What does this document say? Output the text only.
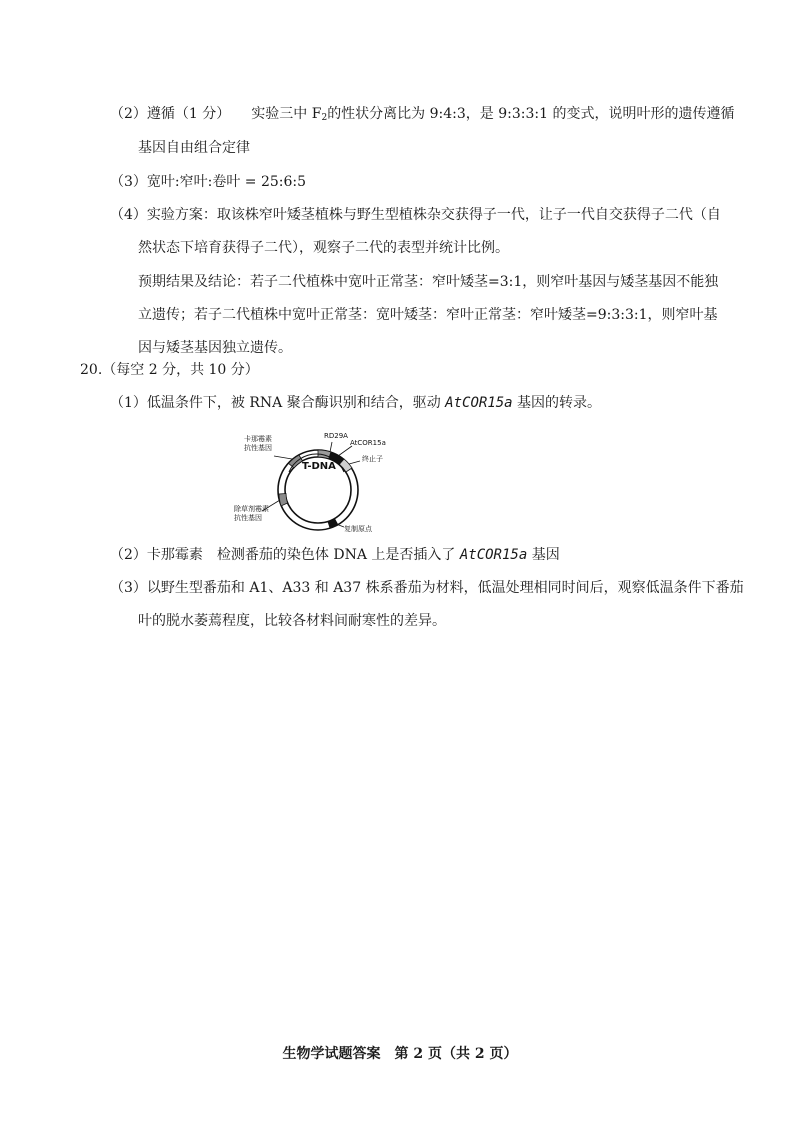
（2）遵循（1 分）　　 实验三中 $F_2$的性状分离比为 9:4:3，是 9:3:3:1 的变式，说明叶形的遗传遵循
基因自由组合定律
（3）宽叶:窄叶:卷叶 = 25:6:5
（4）实验方案：取该株窄叶矮茎植株与野生型植株杂交获得子一代，让子一代自交获得子二代（自
然状态下培育获得子二代），观察子二代的表型并统计比例。
预期结果及结论：若子二代植株中宽叶正常茎：窄叶矮茎=3:1，则窄叶基因与矮茎基因不能独
立遗传；若子二代植株中宽叶正常茎：宽叶矮茎：窄叶正常茎：窄叶矮茎=9:3:3:1，则窄叶基
因与矮茎基因独立遗传。
20.（每空 2 分，共 10 分）
（1）低温条件下，被 RNA 聚合酶识别和结合，驱动 AtCOR15a 基因的转录。
卡那霉素
抗性基因
RD29A
AtCOR15a
终止子
T-DNA
除草剂霉素
抗性基因
复制原点
（2）卡那霉素　检测番茄的染色体 DNA 上是否插入了 AtCOR15a 基因
（3）以野生型番茄和 A1、A33 和 A37 株系番茄为材料，低温处理相同时间后，观察低温条件下番茄
叶的脱水萎蔫程度，比较各材料间耐寒性的差异。
生物学试题答案　第 2 页（共 2 页）
